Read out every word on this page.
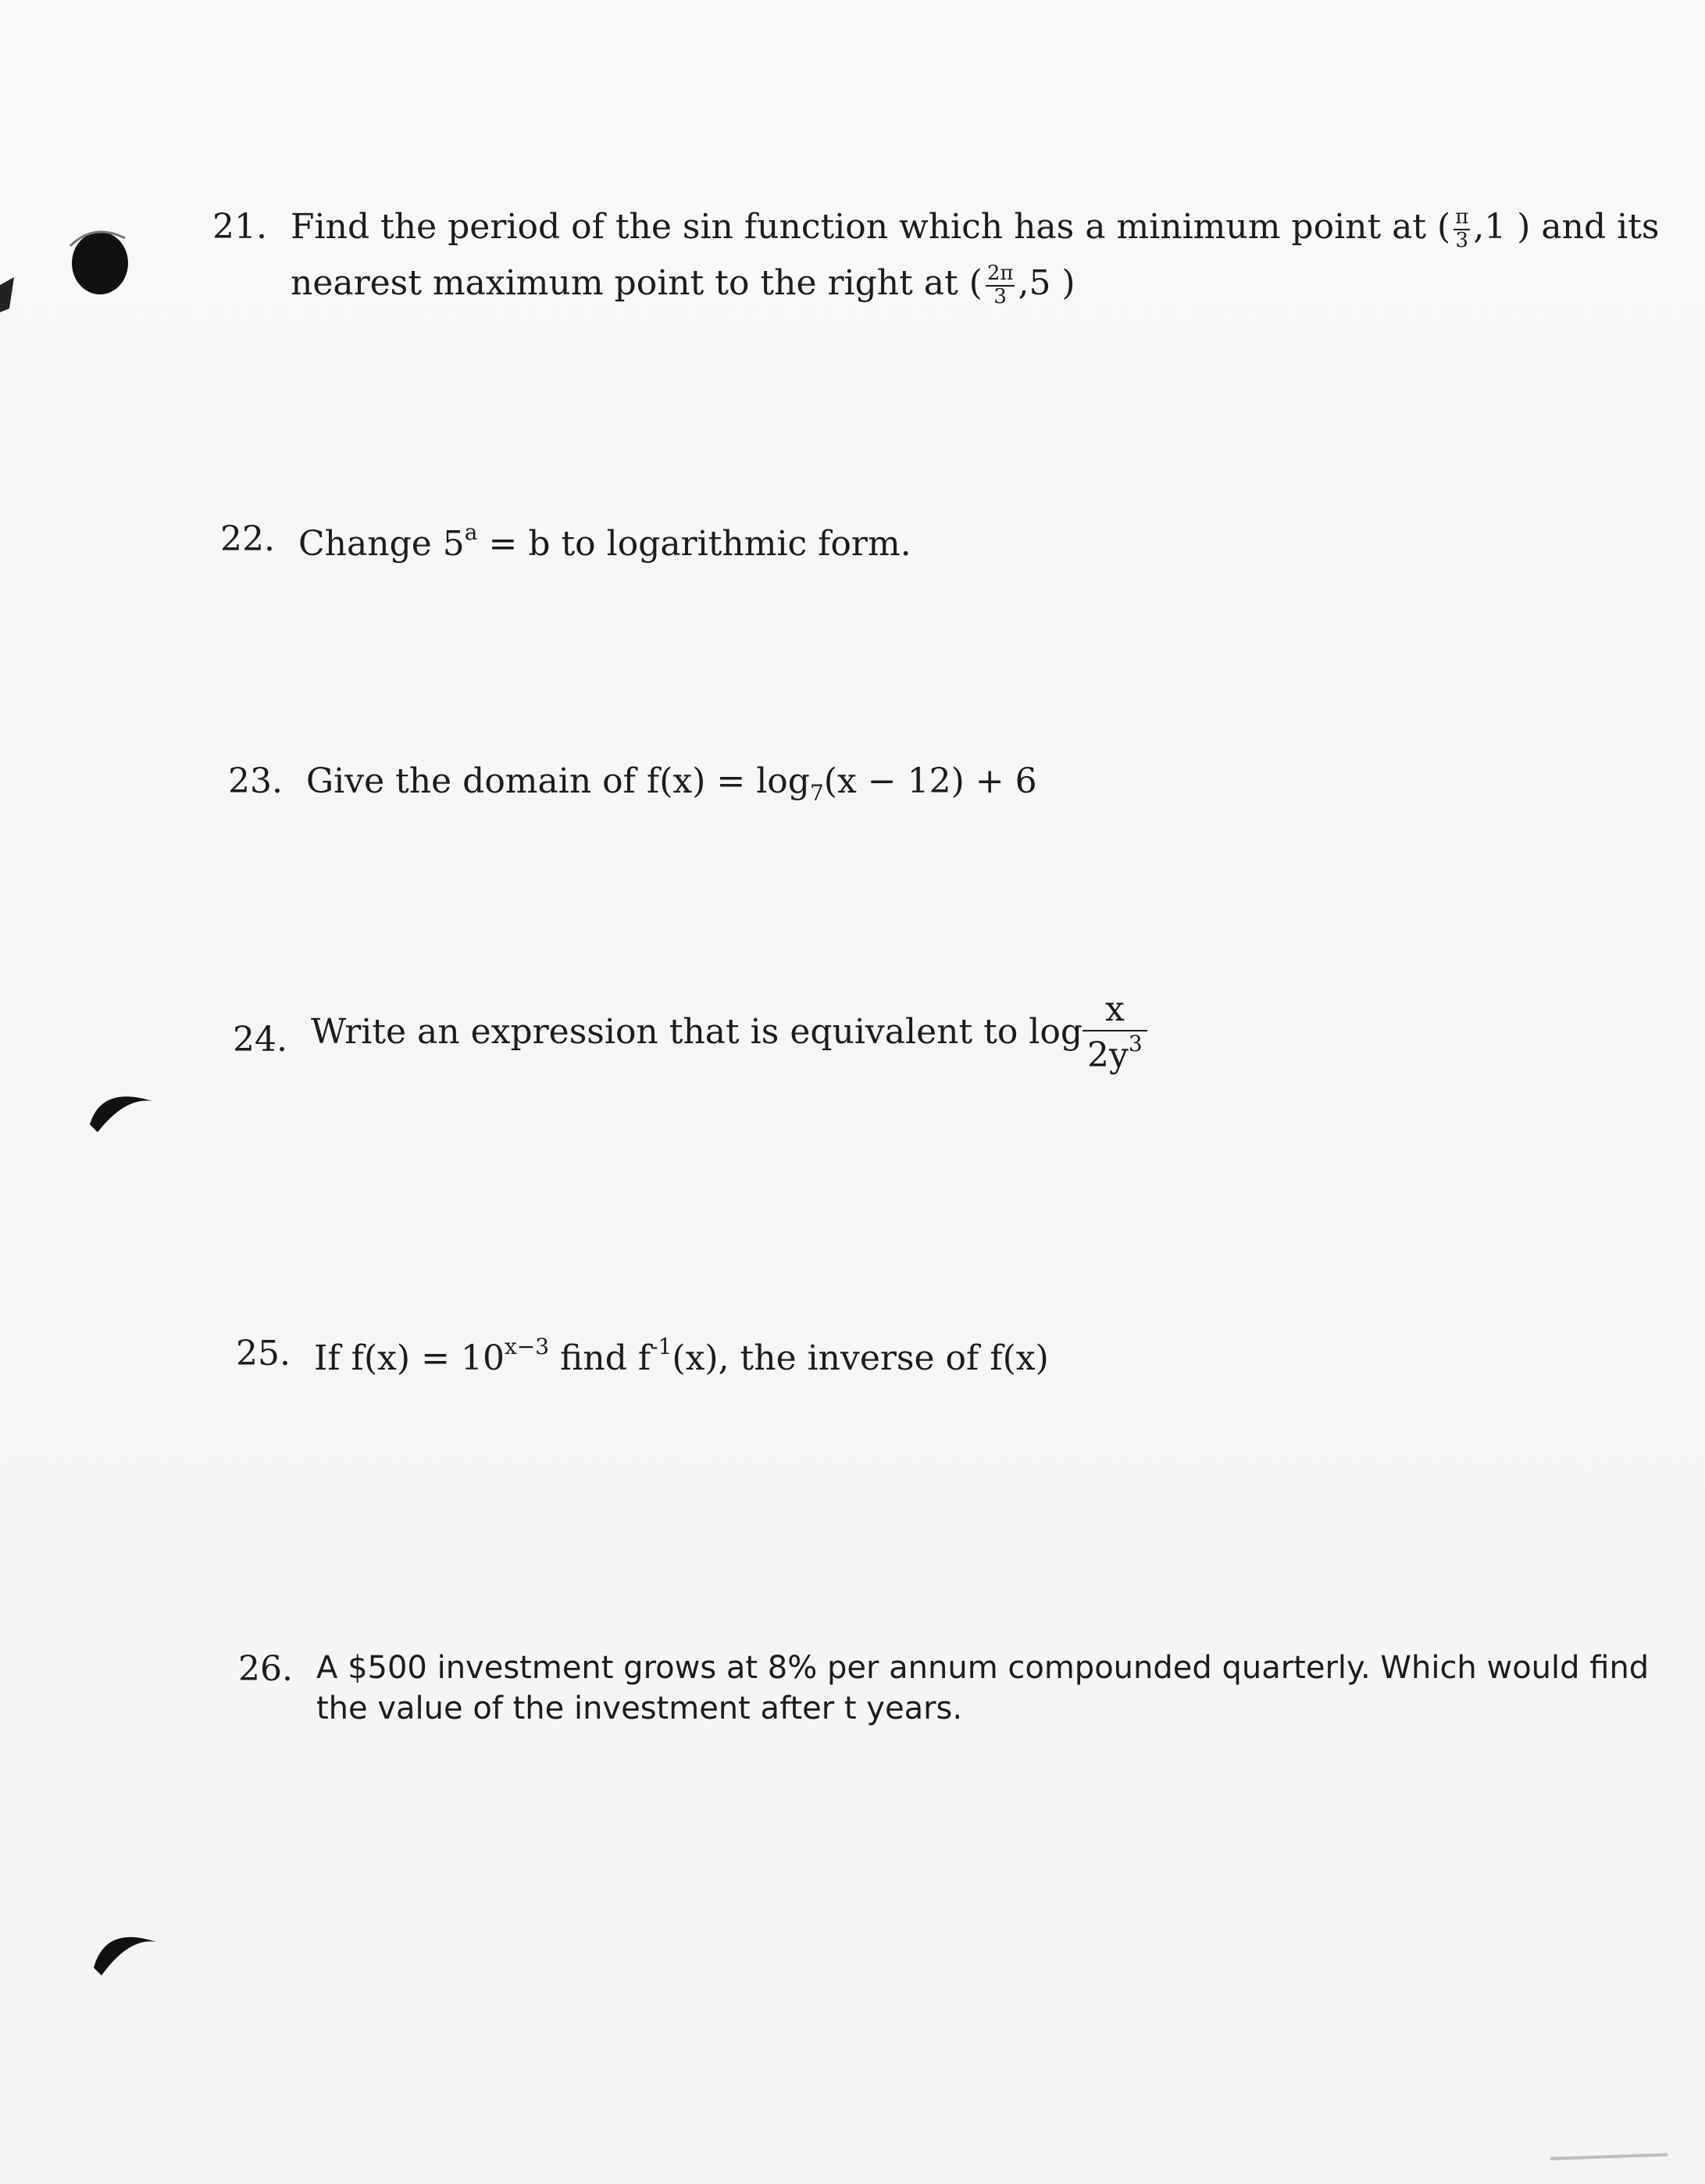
21. Find the period of the sin function which has a minimum point at ( $\frac{\pi}{3} ,1$ ) and its
nearest maximum point to the right at ( $\frac{2\pi}{3} ,5$ )
22. Change $5^a = b$ to logarithmic form.
23. Give the domain of $f(x) = \log_7(x - 12) + 6$
24. Write an expression that is equivalent to $\log \frac{x}{2y^3}$
25. If $f(x) = 10^{x-3}$ find $f^{-1}(x)$, the inverse of f(x)
26. A $500 investment grows at 8% per annum compounded quarterly. Which would find
the value of the investment after t years.
